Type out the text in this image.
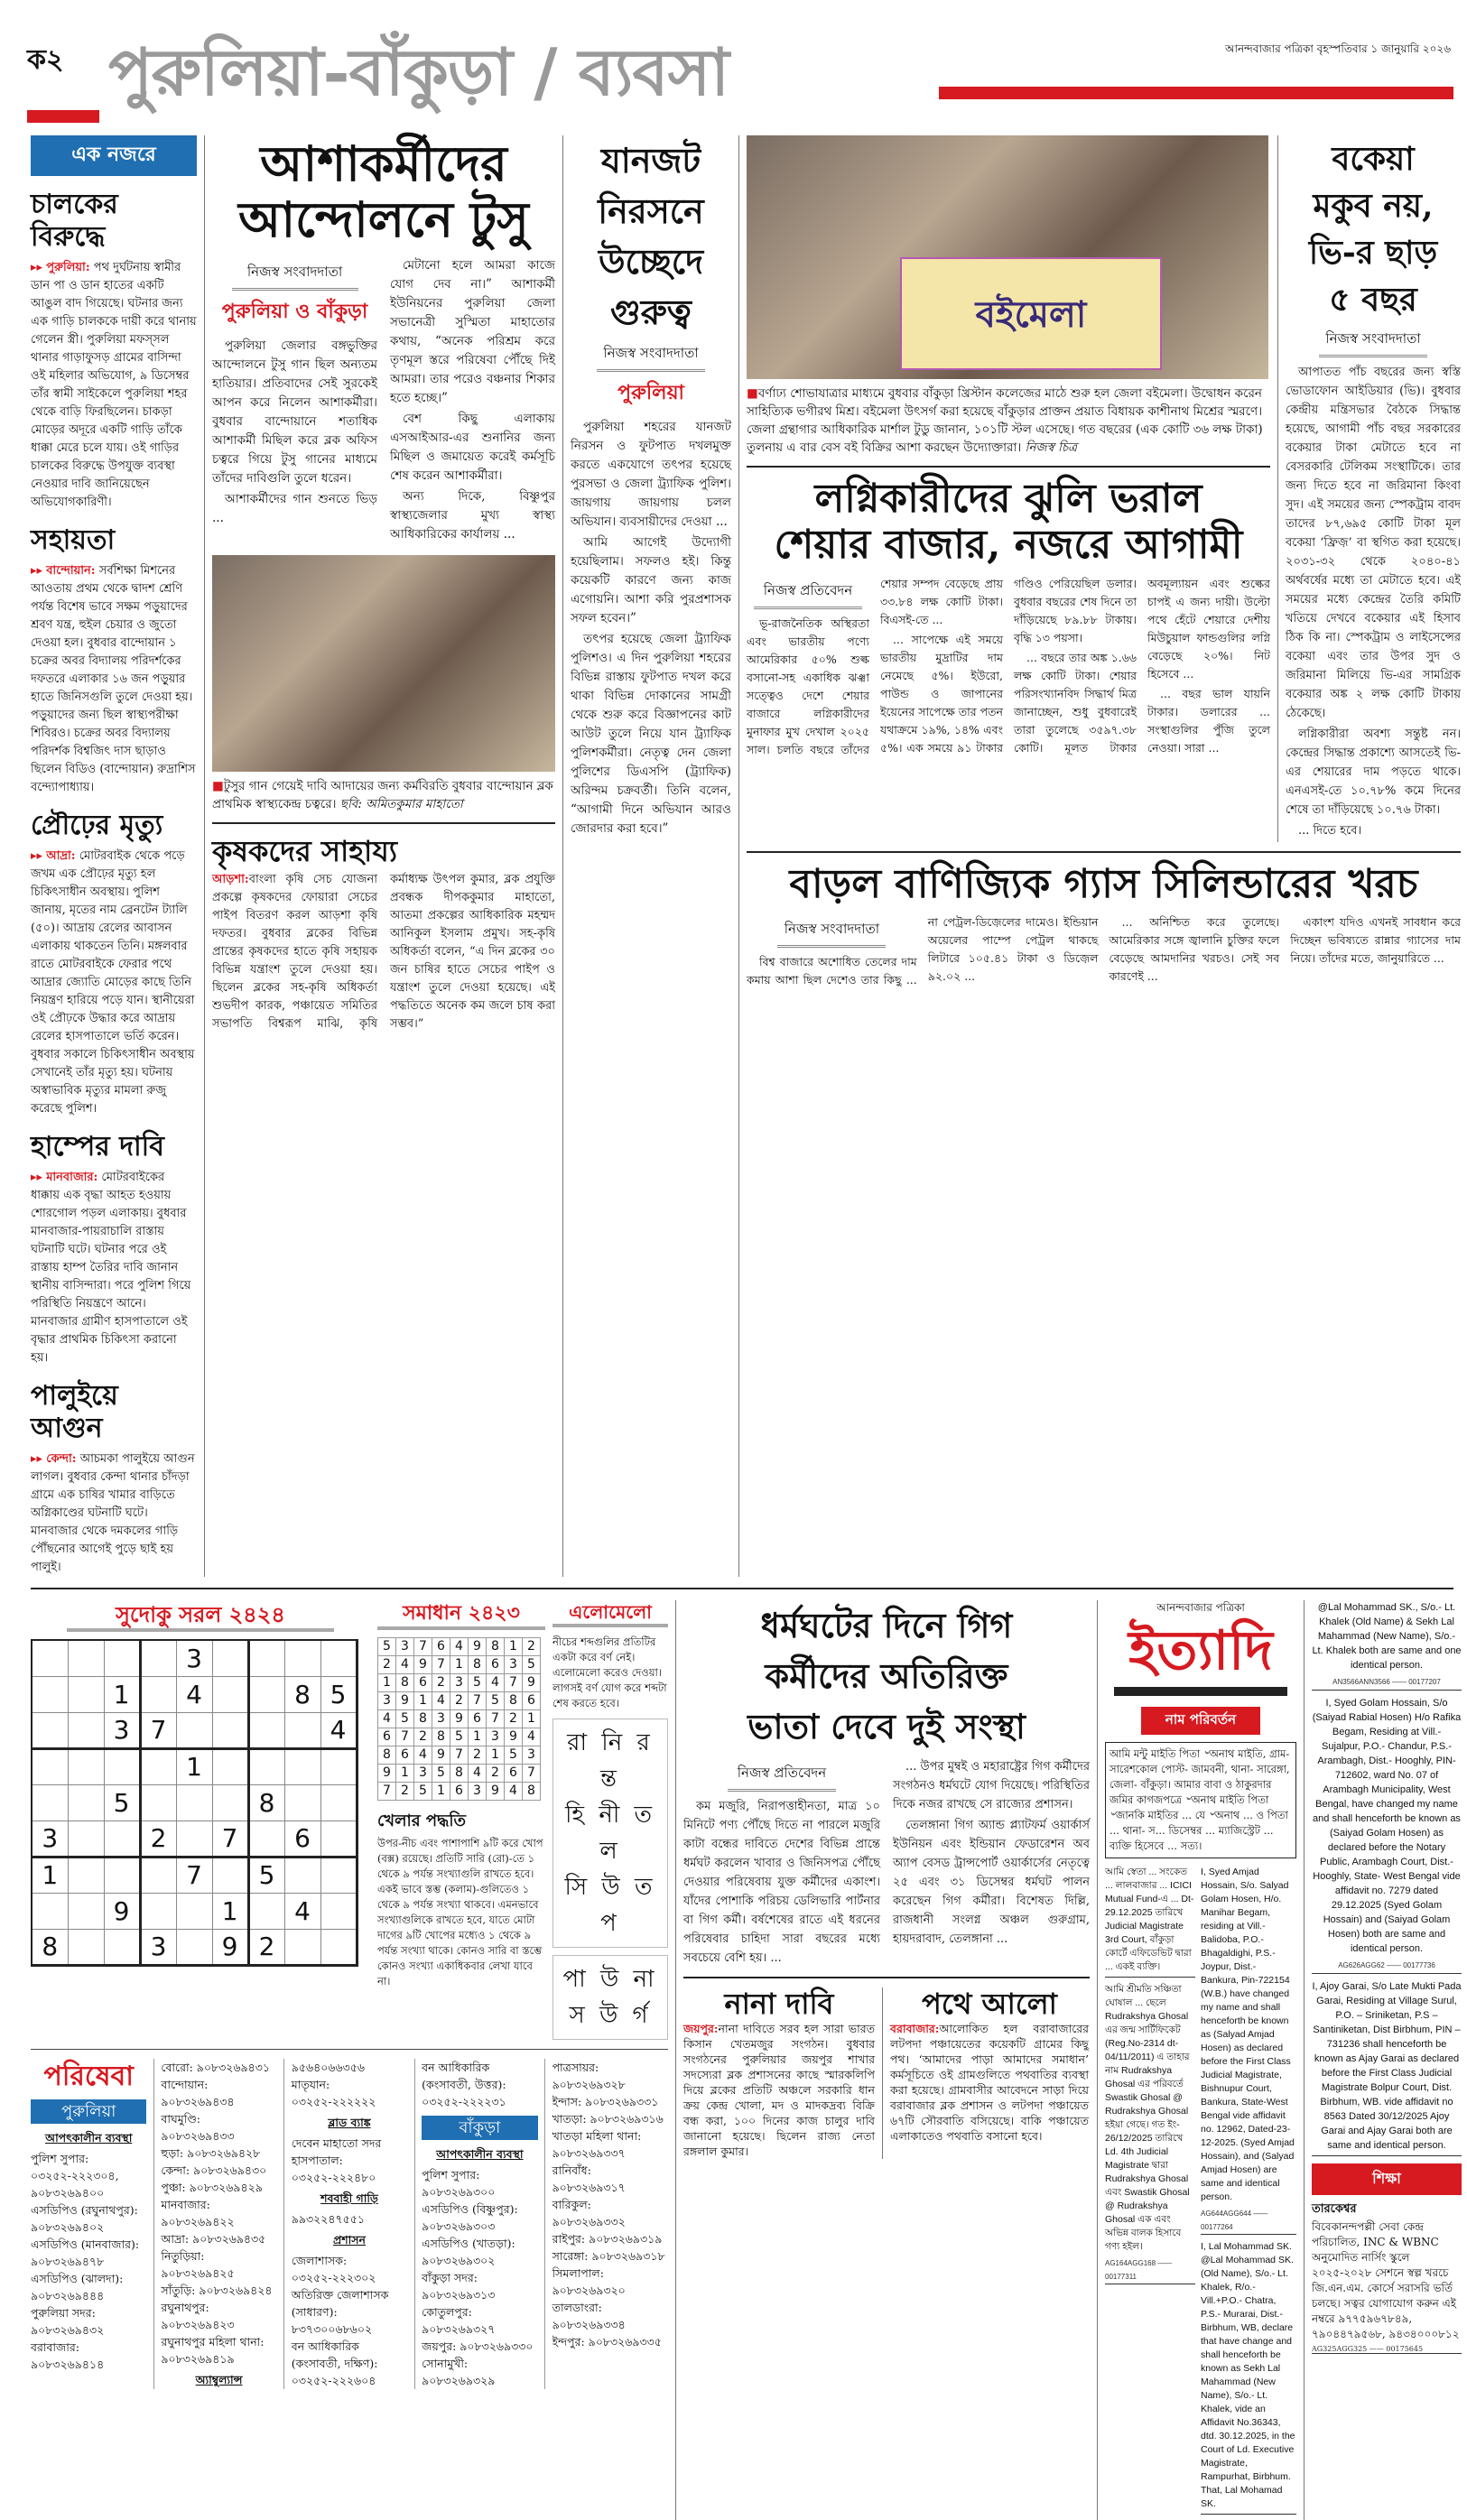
ক২ পুরুলিয়া-বাঁকুড়া / ব্যবসা	আনন্দবাজার পত্রিকা বৃহস্পতিবার ১ জানুয়ারি ২০২৬
এক নজরে
চালকের বিরুদ্ধে
▸▸ পুরুলিয়া: পথ দুর্ঘটনায় স্বামীর ডান পা ও ডান হাতের একটি আঙুল বাদ গিয়েছে। ঘটনার জন্য এক গাড়ি চালককে দায়ী করে থানায় গেলেন স্ত্রী। পুরুলিয়া মফস্সল থানার গাড়াফুসড় গ্রামের বাসিন্দা ওই মহিলার অভিযোগ, ৯ ডিসেম্বর তাঁর স্বামী সাইকেলে পুরুলিয়া শহর থেকে বাড়ি ফিরছিলেন। চাকড়া মোড়ের অদূরে একটি গাড়ি তাঁকে ধাক্কা মেরে চলে যায়। ওই গাড়ির চালকের বিরুদ্ধে উপযুক্ত ব্যবস্থা নেওয়ার দাবি জানিয়েছেন অভিযোগকারিণী।
সহায়তা
▸▸ বান্দোয়ান: সর্বশিক্ষা মিশনের আওতায় প্রথম থেকে দ্বাদশ শ্রেণি পর্যন্ত বিশেষ ভাবে সক্ষম পড়ুয়াদের শ্রবণ যন্ত্র, হুইল চেয়ার ও জুতো দেওয়া হল। বুধবার বান্দোয়ান ১ চক্রের অবর বিদ্যালয় পরিদর্শকের দফতরে এলাকার ১৬ জন পড়ুয়ার হাতে জিনিসগুলি তুলে দেওয়া হয়। পড়ুয়াদের জন্য ছিল স্বাস্থ্যপরীক্ষা শিবিরও। চক্রের অবর বিদ্যালয় পরিদর্শক বিশ্বজিৎ দাস ছাড়াও ছিলেন বিডিও (বান্দোয়ান) রুদ্রাশিস বন্দ্যোপাধ্যায়।
প্রৌঢ়ের মৃত্যু
▸▸ আদ্রা: মোটরবাইক থেকে পড়ে জখম এক প্রৌঢ়ের মৃত্যু হল চিকিৎসাধীন অবস্থায়। পুলিশ জানায়, মৃতের নাম ব্রেনটেন ট্যালি (৫০)। আদ্রায় রেলের আবাসন এলাকায় থাকতেন তিনি। মঙ্গলবার রাতে মোটরবাইকে ফেরার পথে আদ্রার জ্যোতি মোড়ের কাছে তিনি নিয়ন্ত্রণ হারিয়ে পড়ে যান। স্থানীয়েরা ওই প্রৌঢ়কে উদ্ধার করে আদ্রায় রেলের হাসপাতালে ভর্তি করেন। বুধবার সকালে চিকিৎসাধীন অবস্থায় সেখানেই তাঁর মৃত্যু হয়। ঘটনায় অস্বাভাবিক মৃত্যুর মামলা রুজু করেছে পুলিশ।
হাম্পের দাবি
▸▸ মানবাজার: মোটরবাইকের ধাক্কায় এক বৃদ্ধা আহত হওয়ায় শোরগোল পড়ল এলাকায়। বুধবার মানবাজার-পায়রাচালি রাস্তায় ঘটনাটি ঘটে। ঘটনার পরে ওই রাস্তায় হাম্প তৈরির দাবি জানান স্থানীয় বাসিন্দারা। পরে পুলিশ গিয়ে পরিস্থিতি নিয়ন্ত্রণে আনে। মানবাজার গ্রামীণ হাসপাতালে ওই বৃদ্ধার প্রাথমিক চিকিৎসা করানো হয়।
পালুইয়ে আগুন
▸▸ কেন্দা: আচমকা পালুইয়ে আগুন লাগল। বুধবার কেন্দা থানার চাঁদড়া গ্রামে এক চাষির খামার বাড়িতে অগ্নিকাণ্ডের ঘটনাটি ঘটে। মানবাজার থেকে দমকলের গাড়ি পৌঁছনোর আগেই পুড়ে ছাই হয় পালুই।
আশাকর্মীদের
আন্দোলনে টুসু
নিজস্ব সংবাদদাতা
পুরুলিয়া ও বাঁকুড়া

পুরুলিয়া জেলার বঙ্গভুক্তির আন্দোলনে টুসু গান ছিল অন্যতম হাতিয়ার। প্রতিবাদের সেই সুরকেই আপন করে নিলেন আশাকর্মীরা। বুধবার বান্দোয়ানে শতাধিক আশাকর্মী মিছিল করে ব্লক অফিস চত্বরে গিয়ে টুসু গানের মাধ্যমে তাঁদের দাবিগুলি তুলে ধরেন।

আশাকর্মীদের গান শুনতে ভিড় ...

মেটানো হলে আমরা কাজে যোগ দেব না।” আশাকর্মী ইউনিয়নের পুরুলিয়া জেলা সভানেত্রী সুস্মিতা মাহাতোর কথায়, “অনেক পরিশ্রম করে তৃণমূল স্তরে পরিষেবা পৌঁছে দিই আমরা। তার পরেও বঞ্চনার শিকার হতে হচ্ছে।”

বেশ কিছু এলাকায় এসআইআর-এর শুনানির জন্য মিছিল ও জমায়েত করেই কর্মসূচি শেষ করেন আশাকর্মীরা।

অন্য দিকে, বিষ্ণুপুর স্বাস্থ্যজেলার মুখ্য স্বাস্থ্য আধিকারিকের কার্যালয় ...

■টুসুর গান গেয়েই দাবি আদায়ের জন্য কর্মবিরতি বুধবার বান্দোয়ান ব্লক প্রাথমিক স্বাস্থ্যকেন্দ্র চত্বরে। ছবি: অমিতকুমার মাহাতো
কৃষকদের সাহায্য
আড়শা:বাংলা কৃষি সেচ যোজনা প্রকল্পে কৃষকদের ফোয়ারা সেচের পাইপ বিতরণ করল আড়শা কৃষি দফতর। বুধবার ব্লকের বিভিন্ন প্রান্তের কৃষকদের হাতে কৃষি সহায়ক বিভিন্ন যন্ত্রাংশ তুলে দেওয়া হয়। ছিলেন ব্লকের সহ-কৃষি অধিকর্তা শুভদীপ কারক, পঞ্চায়েত সমিতির সভাপতি বিশ্বরূপ মাঝি, কৃষি কর্মাধ্যক্ষ উৎপল কুমার, ব্লক প্রযুক্তি প্রবন্ধক দীপককুমার মাহাতো, আতমা প্রকল্পের আধিকারিক মহম্মদ আনিকুল ইসলাম প্রমুখ। সহ-কৃষি অধিকর্তা বলেন, “এ দিন ব্লকের ৩০ জন চাষির হাতে সেচের পাইপ ও যন্ত্রাংশ তুলে দেওয়া হয়েছে। এই পদ্ধতিতে অনেক কম জলে চাষ করা সম্ভব।”
যানজট
নিরসনে
উচ্ছেদে
গুরুত্ব
নিজস্ব সংবাদদাতা
পুরুলিয়া

পুরুলিয়া শহরের যানজট নিরসন ও ফুটপাত দখলমুক্ত করতে একযোগে তৎপর হয়েছে পুরসভা ও জেলা ট্র্যাফিক পুলিশ। জায়গায় জায়গায় চলল অভিযান। ব্যবসায়ীদের দেওয়া ...

আমি আগেই উদ্যোগী হয়েছিলাম। সফলও হই। কিন্তু কয়েকটি কারণে জন্য কাজ এগোয়নি। আশা করি পুরপ্রশাসক সফল হবেন।”

তৎপর হয়েছে জেলা ট্র্যাফিক পুলিশও। এ দিন পুরুলিয়া শহরের বিভিন্ন রাস্তায় ফুটপাত দখল করে থাকা বিভিন্ন দোকানের সামগ্রী থেকে শুরু করে বিজ্ঞাপনের কাট আউট তুলে নিয়ে যান ট্র্যাফিক পুলিশকর্মীরা। নেতৃত্ব দেন জেলা পুলিশের ডিএসপি (ট্র্যাফিক) অরিন্দম চক্রবর্তী। তিনি বলেন, “আগামী দিনে অভিযান আরও জোরদার করা হবে।”

বইমেলা
■বর্ণাঢ্য শোভাযাত্রার মাধ্যমে বুধবার বাঁকুড়া খ্রিস্টান কলেজের মাঠে শুরু হল জেলা বইমেলা। উদ্বোধন করেন সাহিত্যিক ভগীরথ মিশ্র। বইমেলা উৎসর্গ করা হয়েছে বাঁকুড়ার প্রাক্তন প্রয়াত বিধায়ক কাশীনাথ মিশ্রের স্মরণে। জেলা গ্রন্থাগার আধিকারিক মার্শাল টুডু জানান, ১০১টি স্টল এসেছে। গত বছরের (এক কোটি ৩৬ লক্ষ টাকা) তুলনায় এ বার বেস বই বিক্রির আশা করছেন উদ্যোক্তারা। নিজস্ব চিত্র
লগ্নিকারীদের ঝুলি ভরাল
শেয়ার বাজার, নজরে আগামী
নিজস্ব প্রতিবেদন

ভূ-রাজনৈতিক অস্থিরতা এবং ভারতীয় পণ্যে আমেরিকার ৫০% শুল্ক বসানো-সহ একাধিক ঝঞ্ঝা সত্ত্বেও দেশে শেয়ার বাজারে লগ্নিকারীদের মুনাফার মুখ দেখাল ২০২৫ সাল। চলতি বছরে তাঁদের শেয়ার সম্পদ বেড়েছে প্রায় ৩৩.৮৪ লক্ষ কোটি টাকা। বিএসই-তে ...

... সাপেক্ষে এই সময়ে ভারতীয় মুদ্রাটির দাম নেমেছে ৫%। ইউরো, পাউন্ড ও জাপানের ইয়েনের সাপেক্ষে তার পতন যথাক্রমে ১৯%, ১৪% এবং ৫%। এক সময়ে ৯১ টাকার গণ্ডিও পেরিয়েছিল ডলার। বুধবার বছরের শেষ দিনে তা দাঁড়িয়েছে ৮৯.৮৮ টাকায়। বৃদ্ধি ১৩ পয়সা।

... বছরে তার অঙ্ক ১.৬৬ লক্ষ কোটি টাকা। শেয়ার পরিসংখ্যানবিদ সিদ্ধার্থ মিত্র জানাচ্ছেন, শুধু বুধবারেই তারা তুলেছে ৩৫৯৭.৩৮ কোটি। মূলত টাকার অবমূল্যায়ন এবং শুল্কের চাপই এ জন্য দায়ী। উল্টো পথে হেঁটে শেয়ারে দেশীয় মিউচুয়াল ফান্ডগুলির লগ্নি বেড়েছে ২০%। নিট হিসেবে ...

... বছর ভাল যায়নি টাকার। ডলারের ... সংস্থাগুলির পুঁজি তুলে নেওয়া। সারা ...

বকেয়া
মকুব নয়,
ভি-র ছাড়
৫ বছর
নিজস্ব সংবাদদাতা

আপাতত পাঁচ বছরের জন্য স্বস্তি ভোডাফোন আইডিয়ার (ভি)। বুধবার কেন্দ্রীয় মন্ত্রিসভার বৈঠকে সিদ্ধান্ত হয়েছে, আগামী পাঁচ বছর সরকারের বকেয়ার টাকা মেটাতে হবে না বেসরকারি টেলিকম সংস্থাটিকে। তার জন্য দিতে হবে না জরিমানা কিংবা সুদ। এই সময়ের জন্য স্পেকট্রাম বাবদ তাদের ৮৭,৬৯৫ কোটি টাকা মূল বকেয়া ‘ফ্রিজ়’ বা স্থগিত করা হয়েছে। ২০৩১-৩২ থেকে ২০৪০-৪১ অর্থবর্ষের মধ্যে তা মেটাতে হবে। এই সময়ের মধ্যে কেন্দ্রের তৈরি কমিটি খতিয়ে দেখবে বকেয়ার এই হিসাব ঠিক কি না। স্পেকট্রাম ও লাইসেন্সের বকেয়া এবং তার উপর সুদ ও জরিমানা মিলিয়ে ভি-এর সামগ্রিক বকেয়ার অঙ্ক ২ লক্ষ কোটি টাকায় ঠেকেছে।

লগ্নিকারীরা অবশ্য সন্তুষ্ট নন। কেন্দ্রের সিদ্ধান্ত প্রকাশ্যে আসতেই ভি-এর শেয়ারের দাম পড়তে থাকে। এনএসই-তে ১০.৭৮% কমে দিনের শেষে তা দাঁড়িয়েছে ১০.৭৬ টাকা।

... দিতে হবে।

বাড়ল বাণিজ্যিক গ্যাস সিলিন্ডারের খরচ
নিজস্ব সংবাদদাতা

বিশ্ব বাজারে অশোধিত তেলের দাম কমায় আশা ছিল দেশেও তার কিছু ... না পেট্রল-ডিজ়েলের দামেও। ইন্ডিয়ান অয়েলের পাম্পে পেট্রল থাকছে লিটারে ১০৫.৪১ টাকা ও ডিজ়েল ৯২.০২ ...

... অনিশ্চিত করে তুলেছে। আমেরিকার সঙ্গে জ্বালানি চুক্তির ফলে বেড়েছে আমদানির খরচও। সেই সব কারণেই ...

একাংশ যদিও এখনই সাবধান করে দিচ্ছেন ভবিষ্যতে রান্নার গ্যাসের দাম নিয়ে। তাঁদের মতে, জানুয়ারিতে ...

সুদোকু সরল ২৪২৪
				3				
		1		4			8	5
		3	7					4
				1				
		5				8		
3			2		7		6	
1				7		5		
		9			1		4	
8			3		9	2		
সমাধান ২৪২৩
5	3	7	6	4	9	8	1	2
2	4	9	7	1	8	6	3	5
1	8	6	2	3	5	4	7	9
3	9	1	4	2	7	5	8	6
4	5	8	3	9	6	7	2	1
6	7	2	8	5	1	3	9	4
8	6	4	9	7	2	1	5	3
9	1	3	5	8	4	2	6	7
7	2	5	1	6	3	9	4	8
খেলার পদ্ধতি
উপর-নীচ এবং পাশাপাশি ৯টি করে খোপ (বক্স) রয়েছে। প্রতিটি সারি (রো)-তে ১ থেকে ৯ পর্যন্ত সংখ্যাগুলি রাখতে হবে। একই ভাবে স্তম্ভ (কলাম)-গুলিতেও ১ থেকে ৯ পর্যন্ত সংখ্যা থাকবে। এমনভাবে সংখ্যাগুলিকে রাখতে হবে, যাতে মোটা দাগের ৯টি খোপের মধ্যেও ১ থেকে ৯ পর্যন্ত সংখ্যা থাকে। কোনও সারি বা স্তম্ভে কোনও সংখ্যা একাধিকবার লেখা যাবে না।
এলোমেলো
নীচের শব্দগুলির প্রতিটির একটা করে বর্ণ নেই। এলোমেলো করেও দেওয়া। লাগসই বর্ণ যোগ করে শব্দটা শেষ করতে হবে।
রা নি র ন্ত
হি নী ত ল
সি উ ত প
পা উ না
স উ র্গ
পরিষেবা
পুরুলিয়া
আপৎকালীন ব্যবস্থা
পুলিশ সুপার: ০৩২৫২-২২২৩০৪, ৯০৮৩২৬৯৪০০
এসডিপিও (রঘুনাথপুর): ৯০৮৩২৬৯৪০২
এসডিপিও (মানবাজার): ৯০৮৩২৬৯৪৭৮
এসডিপিও (ঝালদা): ৯০৮৩২৬৯৪৪৪
পুরুলিয়া সদর: ৯০৮৩২৬৯৪৩২
বরাবাজার: ৯০৮৩২৬৯৪১৪
বোরো: ৯০৮৩২৬৯৪৩১
বান্দোয়ান: ৯০৮৩২৬৯৪৩৪
বাঘমুণ্ডি: ৯০৮৩২৬৯৪৩৩
হুড়া: ৯০৮৩২৬৯৪২৮
কেন্দা: ৯০৮৩২৬৯৪৩০
পুঞ্চা: ৯০৮৩২৬৯৪২৯
মানবাজার: ৯০৮৩২৬৯৪২২
আদ্রা: ৯০৮৩২৬৯৪৩৫
নিতুড়িয়া: ৯০৮৩২৬৯৪২৫
সাঁতুড়ি: ৯০৮৩২৬৯৪২৪
রঘুনাথপুর: ৯০৮৩২৬৯৪২৩
রঘুনাথপুর মহিলা থানা: ৯০৮৩২৬৯৪১৯
অ্যাম্বুল্যান্স
৯৫৬৪০৬৬৩৫৬
মাতৃযান: ০৩২৫২-২২২২২২
ব্লাড ব্যাঙ্ক
দেবেন মাহাতো সদর হাসপাতাল: ০৩২৫২-২২২৪৮০
শববাহী গাড়ি
৯৯৩২২৪৭৫৫১
প্রশাসন
জেলাশাসক: ০৩২৫২-২২২৩০২
অতিরিক্ত জেলাশাসক (সাধারণ): ৮৩৭৩০০৬৮৬০২
বন আধিকারিক (কংসাবতী, দক্ষিণ): ০৩২৫২-২২২৬০৪
বন আধিকারিক (কংসাবতী, উত্তর): ০৩২৫২-২২২২৩১
বাঁকুড়া
আপৎকালীন ব্যবস্থা
পুলিশ সুপার: ৯০৮৩২৬৯৩০০
এসডিপিও (বিষ্ণুপুর): ৯০৮৩২৬৯৩০৩
এসডিপিও (খাতড়া): ৯০৮৩২৬৯৩০২
বাঁকুড়া সদর: ৯০৮৩২৬৯৩১৩
কোতুলপুর: ৯০৮৩২৬৯৩২৭
জয়পুর: ৯০৮৩২৬৯৩৩০
সোনামুখী: ৯০৮৩২৬৯৩২৯
পাত্রসায়র: ৯০৮৩২৬৯৩২৮
ইন্দাস: ৯০৮৩২৬৯৩৩১
খাতড়া: ৯০৮৩২৬৯৩১৬
খাতড়া মহিলা থানা: ৯০৮৩২৬৯৩৩৭
রানিবাঁধ: ৯০৮৩২৬৯৩১৭
বারিকুল: ৯০৮৩২৬৯৩৩২
রাইপুর: ৯০৮৩২৬৯৩১৯
সারেঙ্গা: ৯০৮৩২৬৯৩১৮
সিমলাপাল: ৯০৮৩২৬৯৩২০
তালডাংরা: ৯০৮৩২৬৯৩৩৪
ইন্দপুর: ৯০৮৩২৬৯৩৩৫
ধর্মঘটের দিনে গিগ
কর্মীদের অতিরিক্ত
ভাতা দেবে দুই সংস্থা
নিজস্ব প্রতিবেদন

কম মজুরি, নিরাপত্তাহীনতা, মাত্র ১০ মিনিটে পণ্য পৌঁছে দিতে না পারলে মজুরি কাটা বন্ধের দাবিতে দেশের বিভিন্ন প্রান্তে ধর্মঘট করলেন খাবার ও জিনিসপত্র পৌঁছে দেওয়ার পরিষেবায় যুক্ত কর্মীদের একাংশ। যাঁদের পোশাকি পরিচয় ডেলিভারি পার্টনার বা গিগ কর্মী। বর্ষশেষের রাতে এই ধরনের পরিষেবার চাহিদা সারা বছরের মধ্যে সবচেয়ে বেশি হয়। ...

... উপর মুম্বই ও মহারাষ্ট্রের গিগ কর্মীদের সংগঠনও ধর্মঘটে যোগ দিয়েছে। পরিস্থিতির দিকে নজর রাখছে সে রাজ্যের প্রশাসন।

তেলঙ্গানা গিগ অ্যান্ড প্ল্যাটফর্ম ওয়ার্কার্স ইউনিয়ন এবং ইন্ডিয়ান ফেডারেশন অব অ্যাপ বেসড ট্রান্সপোর্ট ওয়ার্কার্সের নেতৃত্বে ২৫ এবং ৩১ ডিসেম্বর ধর্মঘট পালন করেছেন গিগ কর্মীরা। বিশেষত দিল্লি, রাজধানী সংলগ্ন অঞ্চল গুরুগ্রাম, হায়দরাবাদ, তেলঙ্গানা ...

নানা দাবি
জয়পুর:নানা দাবিতে সরব হল সারা ভারত কিসান খেতমজুর সংগঠন। বুধবার সংগঠনের পুরুলিয়ার জয়পুর শাখার সদস্যেরা ব্লক প্রশাসনের কাছে স্মারকলিপি দিয়ে ব্লকের প্রতিটি অঞ্চলে সরকারি ধান ক্রয় কেন্দ্র খোলা, মদ ও মাদকদ্রব্য বিক্রি বন্ধ করা, ১০০ দিনের কাজ চালুর দাবি জানানো হয়েছে। ছিলেন রাজ্য নেতা রঙ্গলাল কুমার।
পথে আলো
বরাবাজার:আলোকিত হল বরাবাজারের লটপদা পঞ্চায়েতের কয়েকটি গ্রামের কিছু পথ। ‘আমাদের পাড়া আমাদের সমাধান’ কর্মসূচিতে ওই গ্রামগুলিতে পথবাতির ব্যবস্থা করা হয়েছে। গ্রামবাসীর আবেদনে সাড়া দিয়ে বরাবাজার ব্লক প্রশাসন ও লটপদা পঞ্চায়েত ৬৭টি সৌরবাতি বসিয়েছে। বাকি পঞ্চায়েত এলাকাতেও পথবাতি বসানো হবে।
আনন্দবাজার পত্রিকা
ইত্যাদি
নাম পরিবর্তন
আমি মন্টু মাইতি পিতা ৺অনাথ মাইতি, গ্রাম- সারেশকোল পোস্ট- জামবনী, থানা- সারেঙ্গা, জেলা- বাঁকুড়া। আমার বাবা ও ঠাকুরদার জমির কাগজপত্রে ৺অনাথ মাইতি পিতা ৺জানকি মাইতির ... যে ৺অনাথ ... ও পিতা ... থানা- স... ডিসেম্বর ... ম্যাজিস্ট্রেট ... ব্যক্তি হিসেবে ... সত্য।
আমি স্বেতা ... সংকেত ... লালবাজার ... ICICI Mutual Fund-এ ... Dt- 29.12.2025 তারিখে Judicial Magistrate 3rd Court, বাঁকুড়া কোর্টে এফিডেভিট দ্বারা ... একই ব্যক্তি।
আমি শ্রীমতি সঞ্চিতা ঘোষাল ... ছেলে Rudrakshya Ghosal এর জন্ম সার্টিফিকেট (Reg.No-2314 dt-04/11/2011) এ তাহার নাম Rudrakshya Ghosal এর পরিবর্তে Swastik Ghosal @ Rudrakshya Ghosal হইয়া গেছে। গত ইং- 26/12/2025 তারিখে Ld. 4th Judicial Magistrate দ্বারা Rudrakshya Ghosal এবং Swastik Ghosal @ Rudrakshya Ghosal এক এবং অভিন্ন বালক হিসাবে গণ্য হইল।
AG164AGG168 —— 00177311
I, Syed Amjad Hossain, S/o. Salyad Golam Hosen, H/o. Manihar Begam, residing at Vill.- Balidoba, P.O.- Bhagaldighi, P.S.- Joypur, Dist.- Bankura, Pin-722154 (W.B.) have changed my name and shall henceforth be known as (Salyad Amjad Hosen) as declared before the First Class Judicial Magistrate, Bishnupur Court, Bankura, State-West Bengal vide affidavit no. 12962, Dated-23-12-2025. (Syed Amjad Hossain), and (Salyad Amjad Hosen) are same and identical person.
AG644AGG644 —— 00177264
I, Lal Mohammad SK. @Lal Mohammad SK. (Old Name), S/o.- Lt. Khalek, R/o.- Vill.+P.O.- Chatra, P.S.- Murarai, Dist.- Birbhum, WB, declare that have change and shall henceforth be known as Sekh Lal Mahammad (New Name), S/o.- Lt. Khalek, vide an Affidavit No.36343, dtd. 30.12.2025, in the Court of Ld. Executive Magistrate, Rampurhat, Birbhum. That, Lal Mohamad SK.
@Lal Mohammad SK., S/o.- Lt. Khalek (Old Name) & Sekh Lal Mahammad (New Name), S/o.- Lt. Khalek both are same and one identical person.
AN3566ANN3566 —— 00177207
I, Syed Golam Hossain, S/o (Saiyad Rabial Hosen) H/o Rafika Begam, Residing at Vill.- Sujalpur, P.O.- Chandur, P.S.- Arambagh, Dist.- Hooghly, PIN- 712602, ward No. 07 of Arambagh Municipality, West Bengal, have changed my name and shall henceforth be known as (Saiyad Golam Hosen) as declared before the Notary Public, Arambagh Court, Dist.- Hooghly, State- West Bengal vide affidavit no. 7279 dated 29.12.2025 (Syed Golam Hossain) and (Saiyad Golam Hosen) both are same and identical person.
AG626AGG62 —— 00177736
I, Ajoy Garai, S/o Late Mukti Pada Garai, Residing at Village Surul, P.O. – Sriniketan, P.S – Santiniketan, Dist Birbhum, PIN – 731236 shall henceforth be known as Ajay Garai as declared before the First Class Judicial Magistrate Bolpur Court, Dist. Birbhum, WB. vide affidavit no 8563 Dated 30/12/2025 Ajoy Garai and Ajay Garai both are same and identical person.
শিক্ষা
তারকেশ্বর
বিবেকানন্দপল্লী সেবা কেন্দ্র পরিচালিত, INC & WBNC অনুমোদিত নার্সিং স্কুলে ২০২৫-২০২৮ সেশনে স্বল্প খরচে জি.এন.এম. কোর্সে সরাসরি ভর্তি চলছে। সত্বর যোগাযোগ করুন এই নম্বরে ৯৭৭৫৯৬৭৮৪৯, ৭৯০৪৪৭৯৫৬৮, ৯৪৩৪০০০৮১২
AG325AGG325 —— 00175645
